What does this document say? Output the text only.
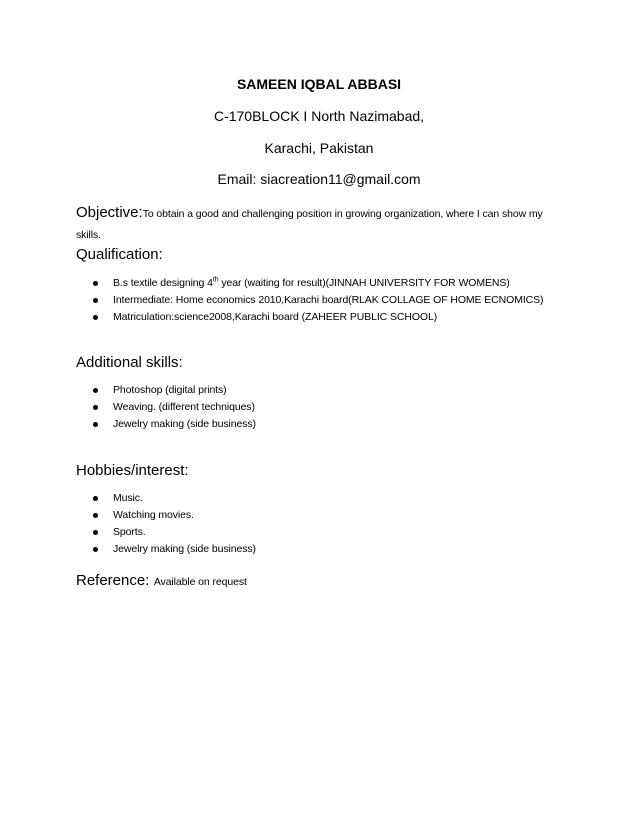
SAMEEN IQBAL ABBASI
C-170BLOCK I North Nazimabad,
Karachi, Pakistan
Email: siacreation11@gmail.com
Objective:To obtain a good and challenging position in growing organization, where I can show my skills.
Qualification:
B.s textile designing 4th year (waiting for result)(JINNAH UNIVERSITY FOR WOMENS)
Intermediate: Home economics 2010,Karachi board(RLAK COLLAGE OF HOME ECNOMICS)
Matriculation:science2008,Karachi board (ZAHEER PUBLIC SCHOOL)
Additional skills:
Photoshop (digital prints)
Weaving. (different techniques)
Jewelry making (side business)
Hobbies/interest:
Music.
Watching movies.
Sports.
Jewelry making (side business)
Reference: Available on request
